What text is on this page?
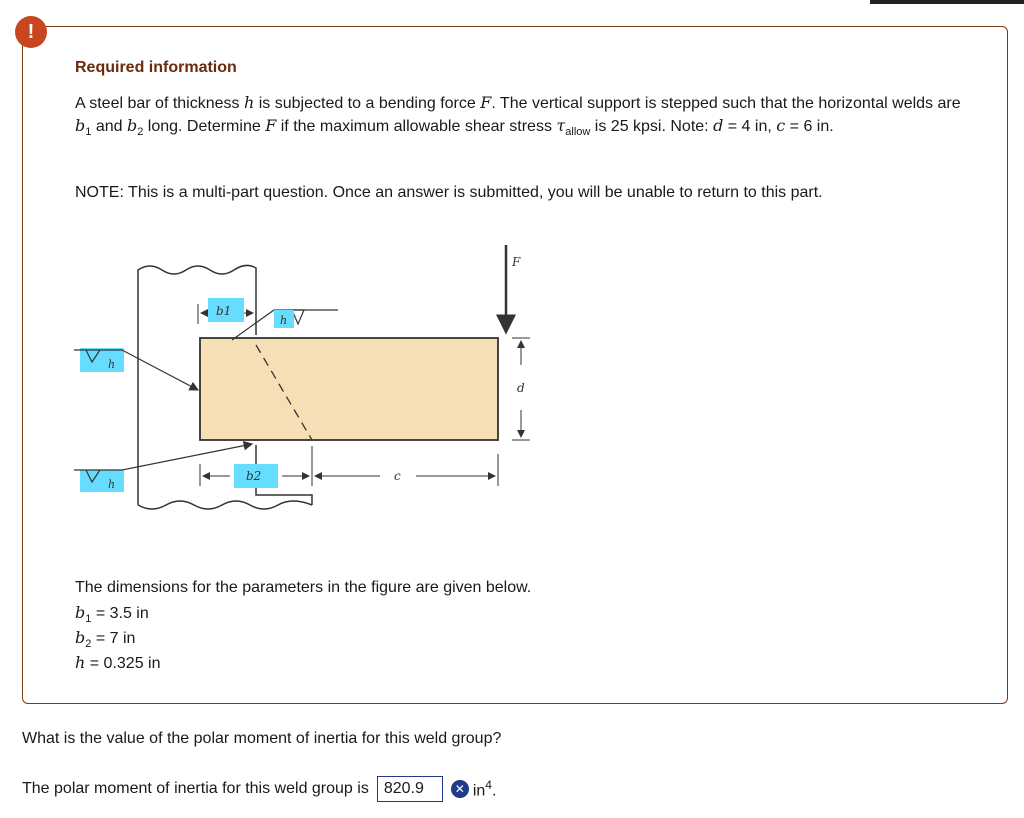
!
Required information
A steel bar of thickness h is subjected to a bending force F. The vertical support is stepped such that the horizontal welds are $b_1$ and $b_2$ long. Determine F if the maximum allowable shear stress $\tau_{allow}$ is 25 kpsi. Note: d = 4 in, c = 6 in.
NOTE: This is a multi-part question. Once an answer is submitted, you will be unable to return to this part.
F
d
b1
h
h
h
b2	c
The dimensions for the parameters in the figure are given below.
$b_1 = 3.5$ in
$b_2 = 7$ in
h = 0.325 in
What is the value of the polar moment of inertia for this weld group?
The polar moment of inertia for this weld group is 820.9	✕ $in^4$.
